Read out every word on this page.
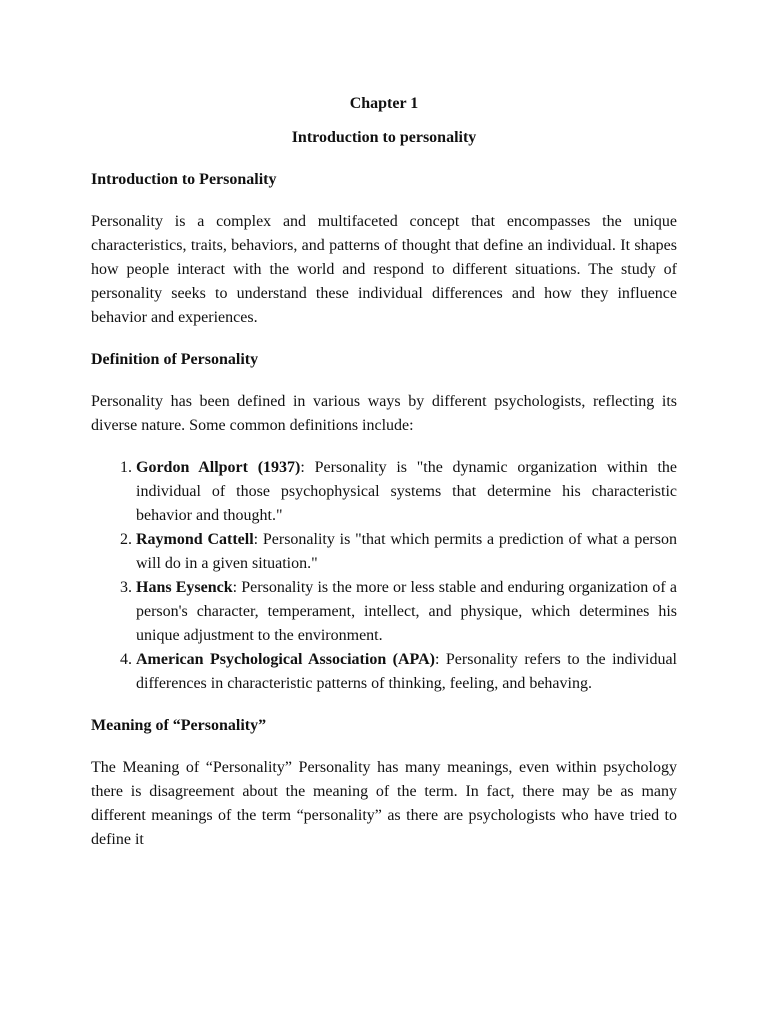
Chapter 1

Introduction to personality

Introduction to Personality

Personality is a complex and multifaceted concept that encompasses the unique characteristics, traits, behaviors, and patterns of thought that define an individual. It shapes how people interact with the world and respond to different situations. The study of personality seeks to understand these individual differences and how they influence behavior and experiences.

Definition of Personality

Personality has been defined in various ways by different psychologists, reflecting its diverse nature. Some common definitions include:

1. Gordon Allport (1937): Personality is "the dynamic organization within the individual of those psychophysical systems that determine his characteristic behavior and thought."
2. Raymond Cattell: Personality is "that which permits a prediction of what a person will do in a given situation."
3. Hans Eysenck: Personality is the more or less stable and enduring organization of a person's character, temperament, intellect, and physique, which determines his unique adjustment to the environment.
4. American Psychological Association (APA): Personality refers to the individual differences in characteristic patterns of thinking, feeling, and behaving.
Meaning of “Personality”

The Meaning of “Personality” Personality has many meanings, even within psychology there is disagreement about the meaning of the term. In fact, there may be as many different meanings of the term “personality” as there are psychologists who have tried to define it
